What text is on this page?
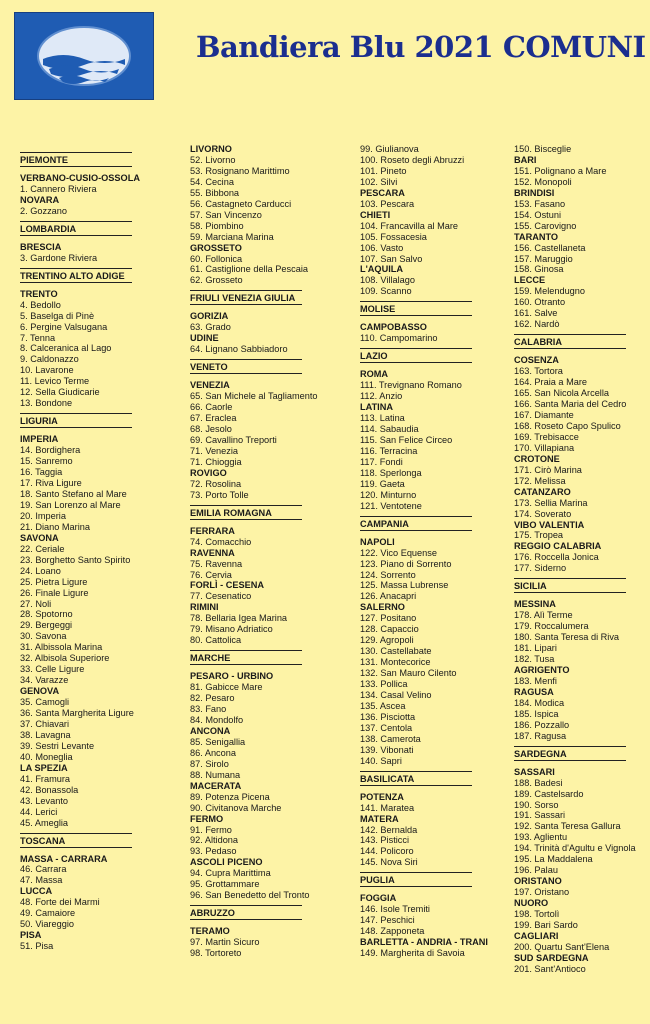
Bandiera Blu 2021 COMUNI
PIEMONTE
VERBANO-CUSIO-OSSOLA
1. Cannero Riviera
NOVARA
2. Gozzano
LOMBARDIA
BRESCIA
3. Gardone Riviera
TRENTINO ALTO ADIGE
TRENTO
4. Bedollo
5. Baselga di Pinè
6. Pergine Valsugana
7. Tenna
8. Calceranica al Lago
9. Caldonazzo
10. Lavarone
11. Levico Terme
12. Sella Giudicarie
13. Bondone
LIGURIA
IMPERIA
14. Bordighera
15. Sanremo
16. Taggia
17. Riva Ligure
18. Santo Stefano al Mare
19. San Lorenzo al Mare
20. Imperia
21. Diano Marina
SAVONA
22. Ceriale
23. Borghetto Santo Spirito
24. Loano
25. Pietra Ligure
26. Finale Ligure
27. Noli
28. Spotorno
29. Bergeggi
30. Savona
31. Albissola Marina
32. Albisola Superiore
33. Celle Ligure
34. Varazze
GENOVA
35. Camogli
36. Santa Margherita Ligure
37. Chiavari
38. Lavagna
39. Sestri Levante
40. Moneglia
LA SPEZIA
41. Framura
42. Bonassola
43. Levanto
44. Lerici
45. Ameglia
TOSCANA
MASSA - CARRARA
46. Carrara
47. Massa
LUCCA
48. Forte dei Marmi
49. Camaiore
50. Viareggio
PISA
51. Pisa
LIVORNO
52. Livorno
53. Rosignano Marittimo
54. Cecina
55. Bibbona
56. Castagneto Carducci
57. San Vincenzo
58. Piombino
59. Marciana Marina
GROSSETO
60. Follonica
61. Castiglione della Pescaia
62. Grosseto
FRIULI VENEZIA GIULIA
GORIZIA
63. Grado
UDINE
64. Lignano Sabbiadoro
VENETO
VENEZIA
65. San Michele al Tagliamento
66. Caorle
67. Eraclea
68. Jesolo
69. Cavallino Treporti
71. Venezia
71. Chioggia
ROVIGO
72. Rosolina
73. Porto Tolle
EMILIA ROMAGNA
FERRARA
74. Comacchio
RAVENNA
75. Ravenna
76. Cervia
FORLÌ - CESENA
77. Cesenatico
RIMINI
78. Bellaria Igea Marina
79. Misano Adriatico
80. Cattolica
MARCHE
PESARO - URBINO
81. Gabicce Mare
82. Pesaro
83. Fano
84. Mondolfo
ANCONA
85. Senigallia
86. Ancona
87. Sirolo
88. Numana
MACERATA
89. Potenza Picena
90. Civitanova Marche
FERMO
91. Fermo
92. Altidona
93. Pedaso
ASCOLI PICENO
94. Cupra Marittima
95. Grottammare
96. San Benedetto del Tronto
ABRUZZO
TERAMO
97. Martin Sicuro
98. Tortoreto
99. Giulianova
100. Roseto degli Abruzzi
101. Pineto
102. Silvi
PESCARA
103. Pescara
CHIETI
104. Francavilla al Mare
105. Fossacesia
106. Vasto
107. San Salvo
L'AQUILA
108. Villalago
109. Scanno
MOLISE
CAMPOBASSO
110. Campomarino
LAZIO
ROMA
111. Trevignano Romano
112. Anzio
LATINA
113. Latina
114. Sabaudia
115. San Felice Circeo
116. Terracina
117. Fondi
118. Sperlonga
119. Gaeta
120. Minturno
121. Ventotene
CAMPANIA
NAPOLI
122. Vico Equense
123. Piano di Sorrento
124. Sorrento
125. Massa Lubrense
126. Anacapri
SALERNO
127. Positano
128. Capaccio
129. Agropoli
130. Castellabate
131. Montecorice
132. San Mauro Cilento
133. Pollica
134. Casal Velino
135. Ascea
136. Pisciotta
137. Centola
138. Camerota
139. Vibonati
140. Sapri
BASILICATA
POTENZA
141. Maratea
MATERA
142. Bernalda
143. Pisticci
144. Policoro
145. Nova Siri
PUGLIA
FOGGIA
146. Isole Tremiti
147. Peschici
148. Zapponeta
BARLETTA - ANDRIA - TRANI
149. Margherita di Savoia
150. Bisceglie
BARI
151. Polignano a Mare
152. Monopoli
BRINDISI
153. Fasano
154. Ostuni
155. Carovigno
TARANTO
156. Castellaneta
157. Maruggio
158. Ginosa
LECCE
159. Melendugno
160. Otranto
161. Salve
162. Nardò
CALABRIA
COSENZA
163. Tortora
164. Praia a Mare
165. San Nicola Arcella
166. Santa Maria del Cedro
167. Diamante
168. Roseto Capo Spulico
169. Trebisacce
170. Villapiana
CROTONE
171. Cirò Marina
172. Melissa
CATANZARO
173. Sellia Marina
174. Soverato
VIBO VALENTIA
175. Tropea
REGGIO CALABRIA
176. Roccella Jonica
177. Siderno
SICILIA
MESSINA
178. Alì Terme
179. Roccalumera
180. Santa Teresa di Riva
181. Lipari
182. Tusa
AGRIGENTO
183. Menfi
RAGUSA
184. Modica
185. Ispica
186. Pozzallo
187. Ragusa
SARDEGNA
SASSARI
188. Badesi
189. Castelsardo
190. Sorso
191. Sassari
192. Santa Teresa Gallura
193. Aglientu
194. Trinità d'Agultu e Vignola
195. La Maddalena
196. Palau
ORISTANO
197. Oristano
NUORO
198. Tortolì
199. Bari Sardo
CAGLIARI
200. Quartu Sant'Elena
SUD SARDEGNA
201. Sant'Antioco
